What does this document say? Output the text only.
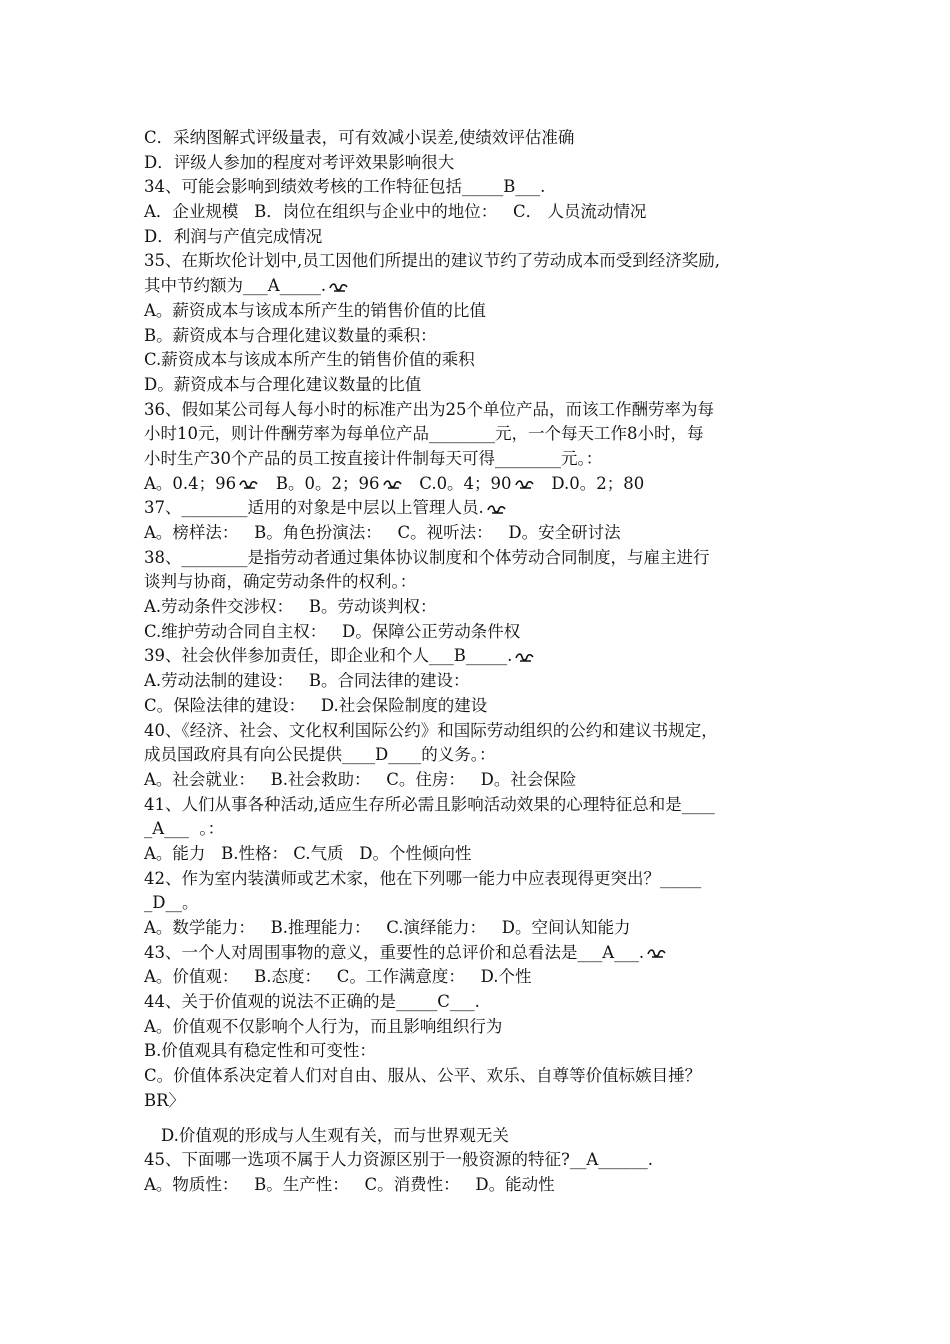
C．采纳图解式评级量表，可有效减小误差,使绩效评估准确
D．评级人参加的程度对考评效果影响很大
34、可能会影响到绩效考核的工作特征包括_____B___.
A．企业规模   B．岗位在组织与企业中的地位：   C． 人员流动情况
D．利润与产值完成情况
35、在斯坎伦计划中,员工因他们所提出的建议节约了劳动成本而受到经济奖励,
其中节约额为___A_____.
A。薪资成本与该成本所产生的销售价值的比值
B。薪资成本与合理化建议数量的乘积：
C.薪资成本与该成本所产生的销售价值的乘积
D。薪资成本与合理化建议数量的比值
36、假如某公司每人每小时的标准产出为25个单位产品，而该工作酬劳率为每
小时10元，则计件酬劳率为每单位产品________元，一个每天工作8小时，每
小时生产30个产品的员工按直接计件制每天可得________元。：
A。0.4；96 B。0。2；96 C.0。4；90 D.0。2；80
37、________适用的对象是中层以上管理人员.
A。榜样法：   B。角色扮演法：   C。视听法：   D。安全研讨法
38、________是指劳动者通过集体协议制度和个体劳动合同制度，与雇主进行
谈判与协商，确定劳动条件的权利。：
A.劳动条件交涉权：   B。劳动谈判权：
C.维护劳动合同自主权：   D。保障公正劳动条件权
39、社会伙伴参加责任，即企业和个人___B_____.
A.劳动法制的建设：   B。合同法律的建设：
C。保险法律的建设：   D.社会保险制度的建设
40、《经济、社会、文化权利国际公约》和国际劳动组织的公约和建议书规定，
成员国政府具有向公民提供____D____的义务。：
A。社会就业：   B.社会救助：   C。住房：   D。社会保险
41、人们从事各种活动,适应生存所必需且影响活动效果的心理特征总和是____
_A___  。：
A。能力   B.性格： C.气质   D。个性倾向性
42、作为室内装潢师或艺术家，他在下列哪一能力中应表现得更突出？_____
_D__。
A。数学能力：   B.推理能力：   C.演绎能力：   D。空间认知能力
43、一个人对周围事物的意义，重要性的总评价和总看法是___A___.
A。价值观：   B.态度：   C。工作满意度：   D.个性
44、关于价值观的说法不正确的是_____C___.
A。价值观不仅影响个人行为，而且影响组织行为
B.价值观具有稳定性和可变性：
C。价值体系决定着人们对自由、服从、公平、欢乐、自尊等价值标嫉目捶？
BR〉
D.价值观的形成与人生观有关，而与世界观无关
45、下面哪一选项不属于人力资源区别于一般资源的特征?__A______.
A。物质性：   B。生产性：   C。消费性：   D。能动性
